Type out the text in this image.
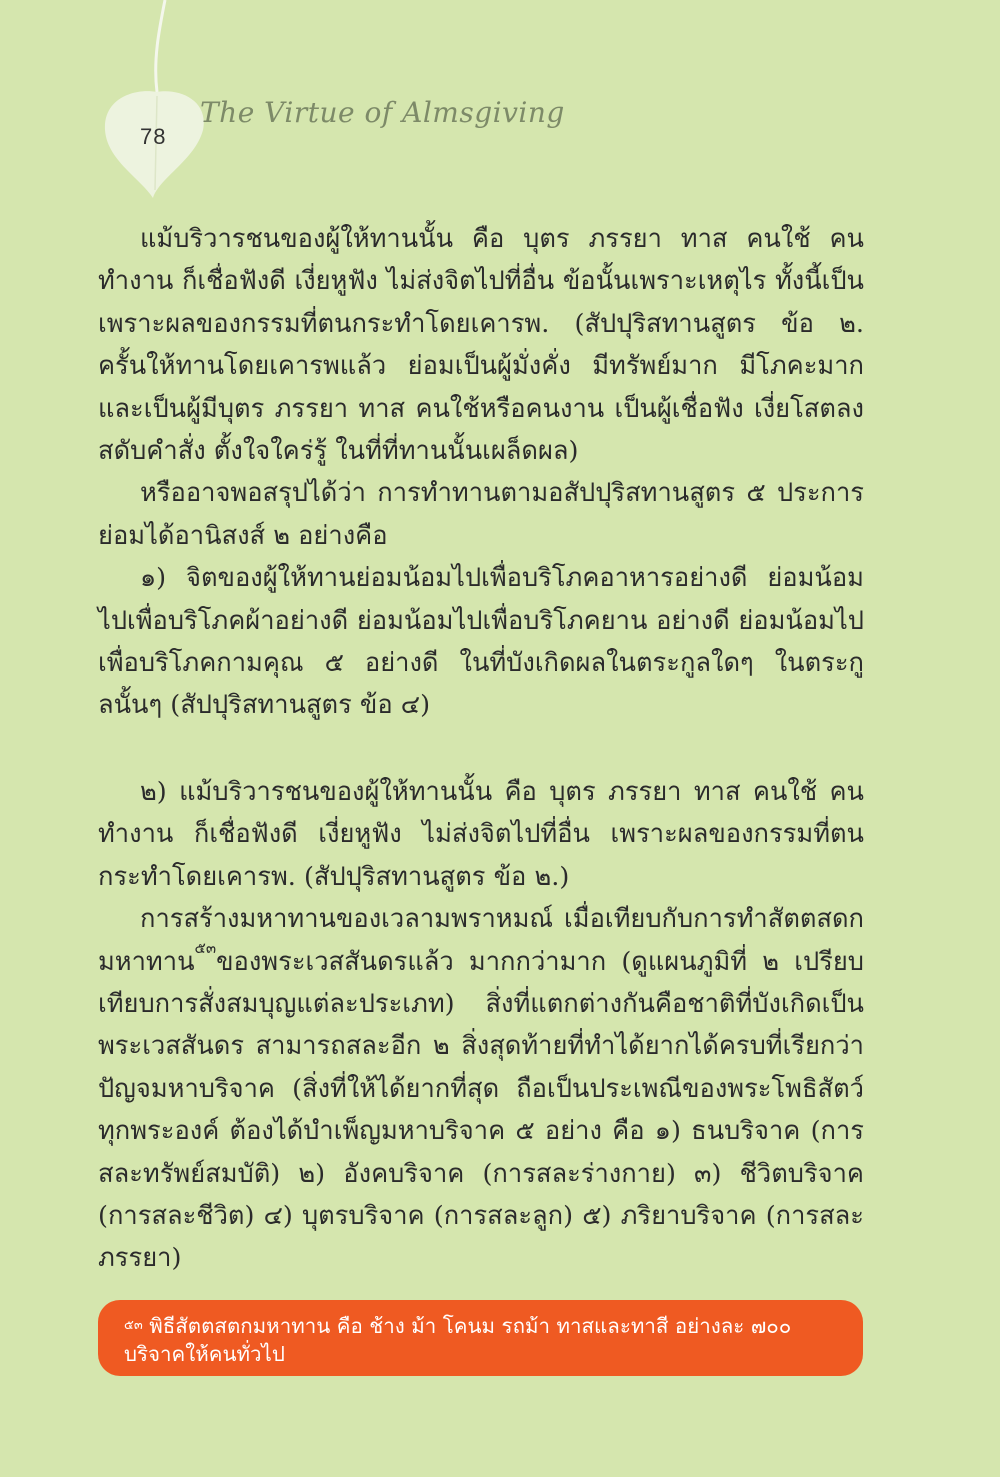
78
The Virtue of Almsgiving

แม้บริวารชนของผู้ให้ทานนั้น คือ บุตร ภรรยา ทาส คนใช้ คนทำงาน ก็เชื่อฟังดี เงี่ยหูฟัง ไม่ส่งจิตไปที่อื่น ข้อนั้นเพราะเหตุไร ทั้งนี้เป็นเพราะผลของกรรมที่ตนกระทำโดยเคารพ. (สัปปุริสทานสูตร ข้อ ๒. ครั้นให้ทานโดยเคารพแล้ว ย่อมเป็นผู้มั่งคั่ง มีทรัพย์มาก มีโภคะมาก และเป็นผู้มีบุตร ภรรยา ทาส คนใช้หรือคนงาน เป็นผู้เชื่อฟัง เงี่ยโสตลงสดับคำสั่ง ตั้งใจใคร่รู้ ในที่ที่ทานนั้นเผล็ดผล)

หรืออาจพอสรุปได้ว่า การทำทานตามอสัปปุริสทานสูตร ๕ ประการ ย่อมได้อานิสงส์ ๒ อย่างคือ

๑) จิตของผู้ให้ทานย่อมน้อมไปเพื่อบริโภคอาหารอย่างดี ย่อมน้อมไปเพื่อบริโภคผ้าอย่างดี ย่อมน้อมไปเพื่อบริโภคยาน อย่างดี ย่อมน้อมไปเพื่อบริโภคกามคุณ ๕ อย่างดี ในที่บังเกิดผลในตระกูลใดๆ ในตระกูลนั้นๆ (สัปปุริสทานสูตร ข้อ ๔)

๒) แม้บริวารชนของผู้ให้ทานนั้น คือ บุตร ภรรยา ทาส คนใช้ คนทำงาน ก็เชื่อฟังดี เงี่ยหูฟัง ไม่ส่งจิตไปที่อื่น เพราะผลของกรรมที่ตนกระทำโดยเคารพ. (สัปปุริสทานสูตร ข้อ ๒.)

การสร้างมหาทานของเวลามพราหมณ์ เมื่อเทียบกับการทำสัตตสดกมหาทาน$^{๕๓}$ของพระเวสสันดรแล้ว มากกว่ามาก (ดูแผนภูมิที่ ๒ เปรียบเทียบการสั่งสมบุญแต่ละประเภท) สิ่งที่แตกต่างกันคือชาติที่บังเกิดเป็นพระเวสสันดร สามารถสละอีก ๒ สิ่งสุดท้ายที่ทำได้ยากได้ครบที่เรียกว่า ปัญจมหาบริจาค (สิ่งที่ให้ได้ยากที่สุด ถือเป็นประเพณีของพระโพธิสัตว์ทุกพระองค์ ต้องได้บำเพ็ญมหาบริจาค ๕ อย่าง คือ ๑) ธนบริจาค (การสละทรัพย์สมบัติ) ๒) อังคบริจาค (การสละร่างกาย) ๓) ชีวิตบริจาค (การสละชีวิต) ๔) บุตรบริจาค (การสละลูก) ๕) ภริยาบริจาค (การสละภรรยา)

$^{๕๓}$ พิธีสัตตสตกมหาทาน คือ ช้าง ม้า โคนม รถม้า ทาสและทาสี อย่างละ ๗๐๐ บริจาคให้คนทั่วไป
